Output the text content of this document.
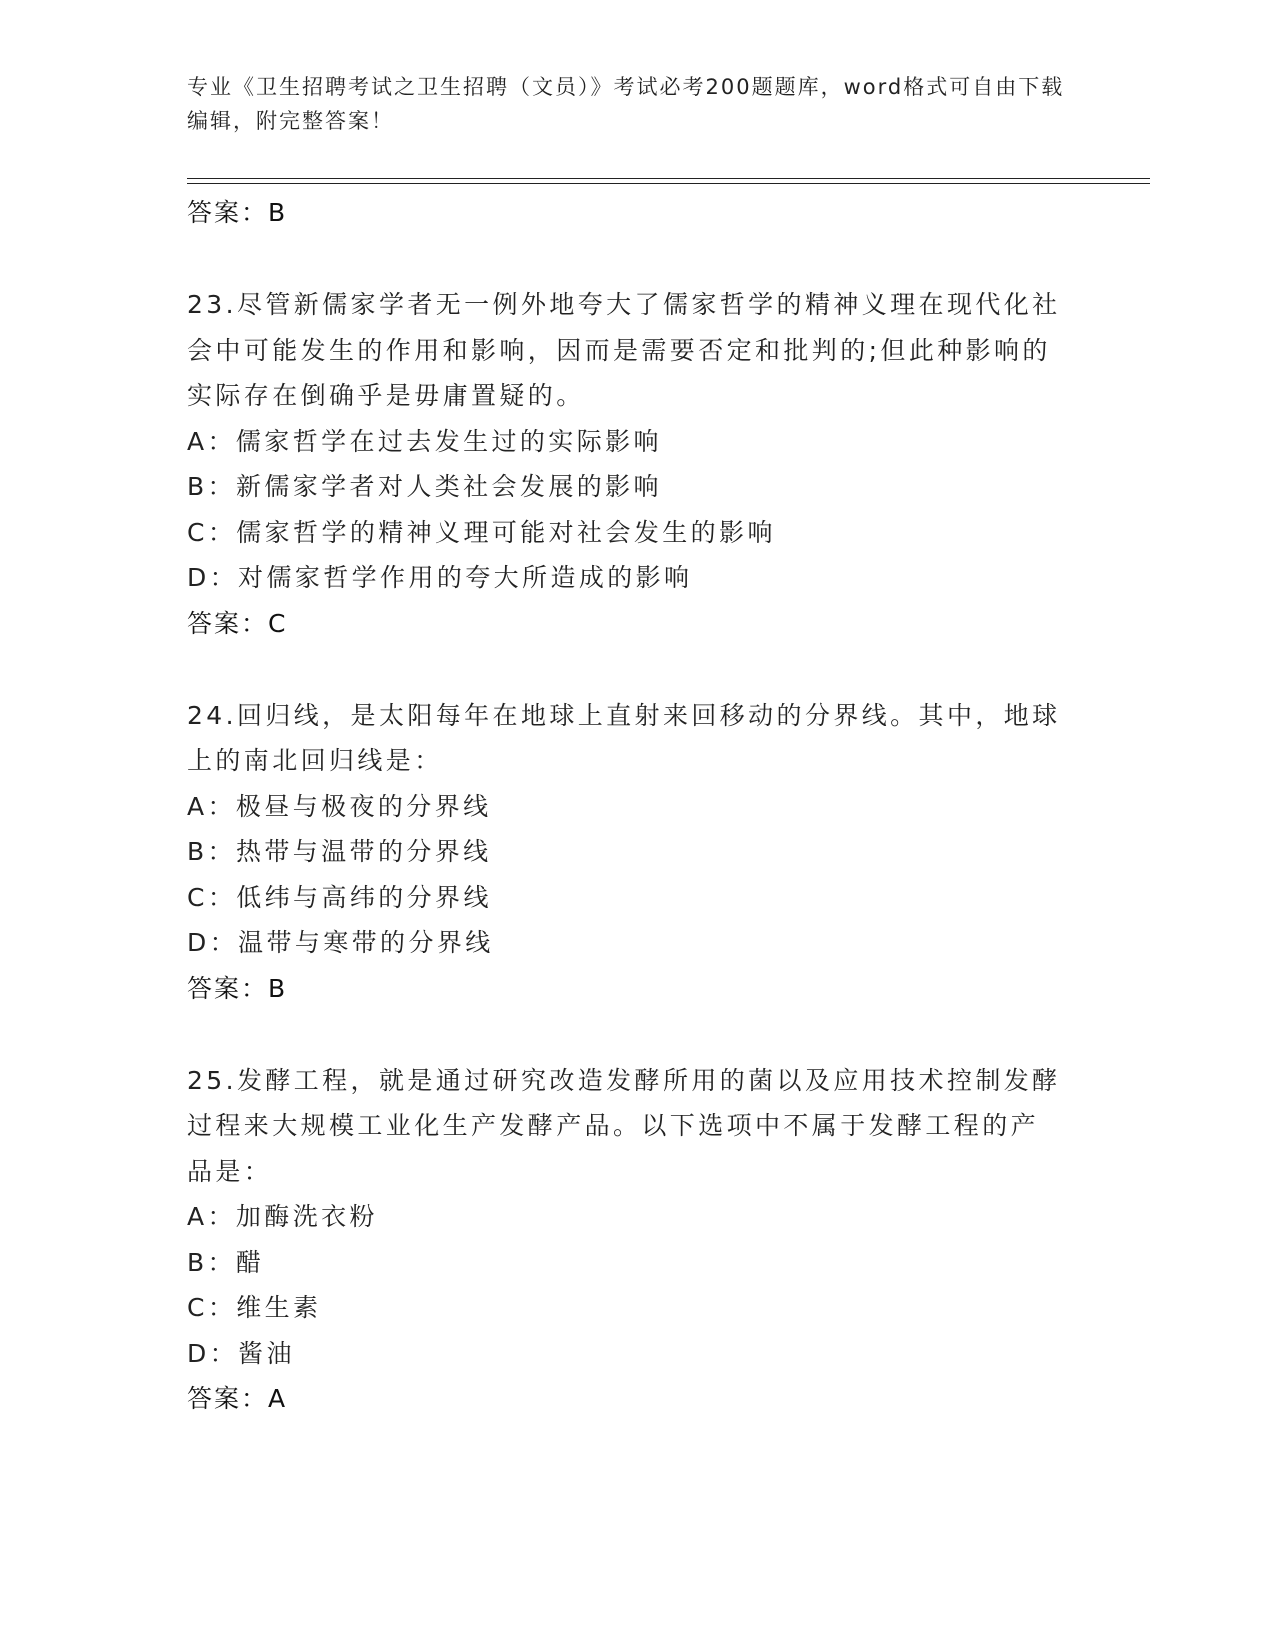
专业《卫生招聘考试之卫生招聘（文员）》考试必考200题题库，word格式可自由下载编辑，附完整答案！
答案：B
23.尽管新儒家学者无一例外地夸大了儒家哲学的精神义理在现代化社会中可能发生的作用和影响，因而是需要否定和批判的;但此种影响的实际存在倒确乎是毋庸置疑的。
A：儒家哲学在过去发生过的实际影响
B：新儒家学者对人类社会发展的影响
C：儒家哲学的精神义理可能对社会发生的影响
D：对儒家哲学作用的夸大所造成的影响
答案：C
24.回归线，是太阳每年在地球上直射来回移动的分界线。其中，地球上的南北回归线是：
A：极昼与极夜的分界线
B：热带与温带的分界线
C：低纬与高纬的分界线
D：温带与寒带的分界线
答案：B
25.发酵工程，就是通过研究改造发酵所用的菌以及应用技术控制发酵过程来大规模工业化生产发酵产品。以下选项中不属于发酵工程的产品是：
A：加酶洗衣粉
B：醋
C：维生素
D：酱油
答案：A
